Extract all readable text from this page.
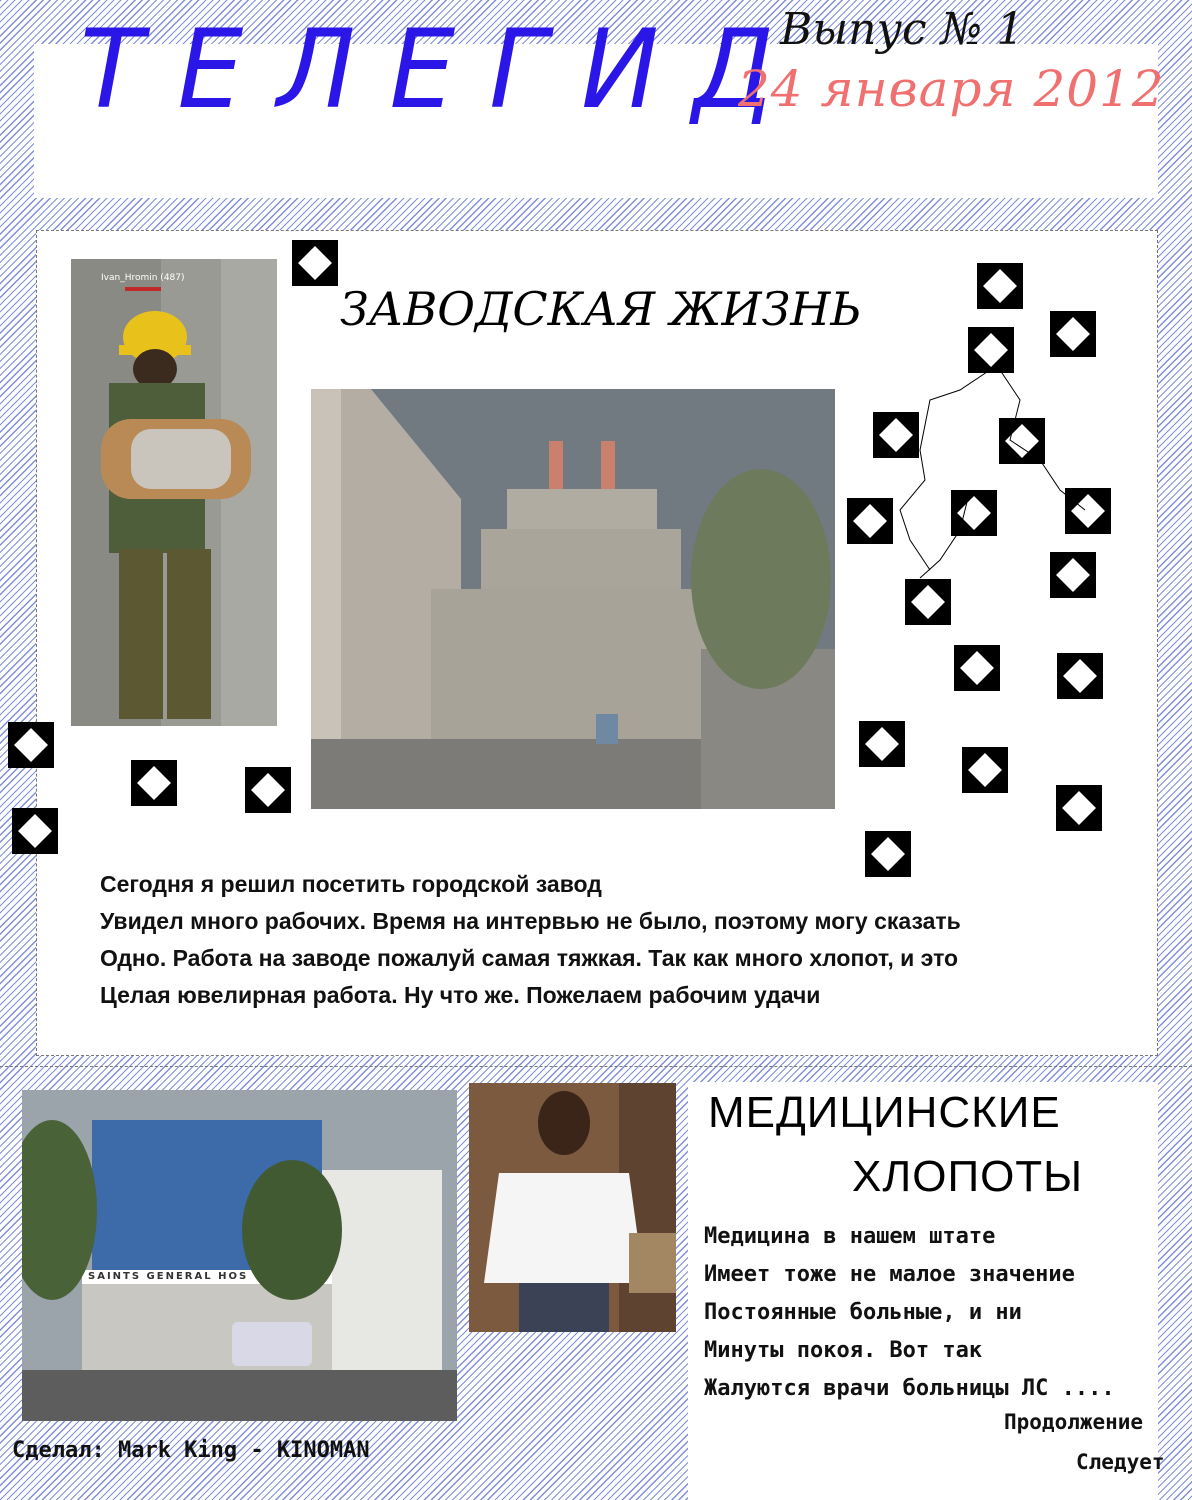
ТЕЛЕГИД
Выпус № 1
24 января 2012
ЗАВОДСКАЯ ЖИЗНЬ
Ivan_Hromin (487)
Сегодня я решил посетить городской завод
Увидел много рабочих. Время на интервью не было, поэтому могу сказать
Одно. Работа на заводе пожалуй самая тяжкая. Так как много хлопот, и это
Целая ювелирная работа. Ну что же. Пожелаем рабочим удачи
SAINTS GENERAL HOS
МЕДИЦИНСКИЕ
ХЛОПОТЫ
Медицина в нашем штате
Имеет тоже не малое значение
Постоянные больные, и ни
Минуты покоя. Вот так
Жалуются врачи больницы ЛС ....
Продолжение
Следует
Сделал: Mark King - KINOMAN
